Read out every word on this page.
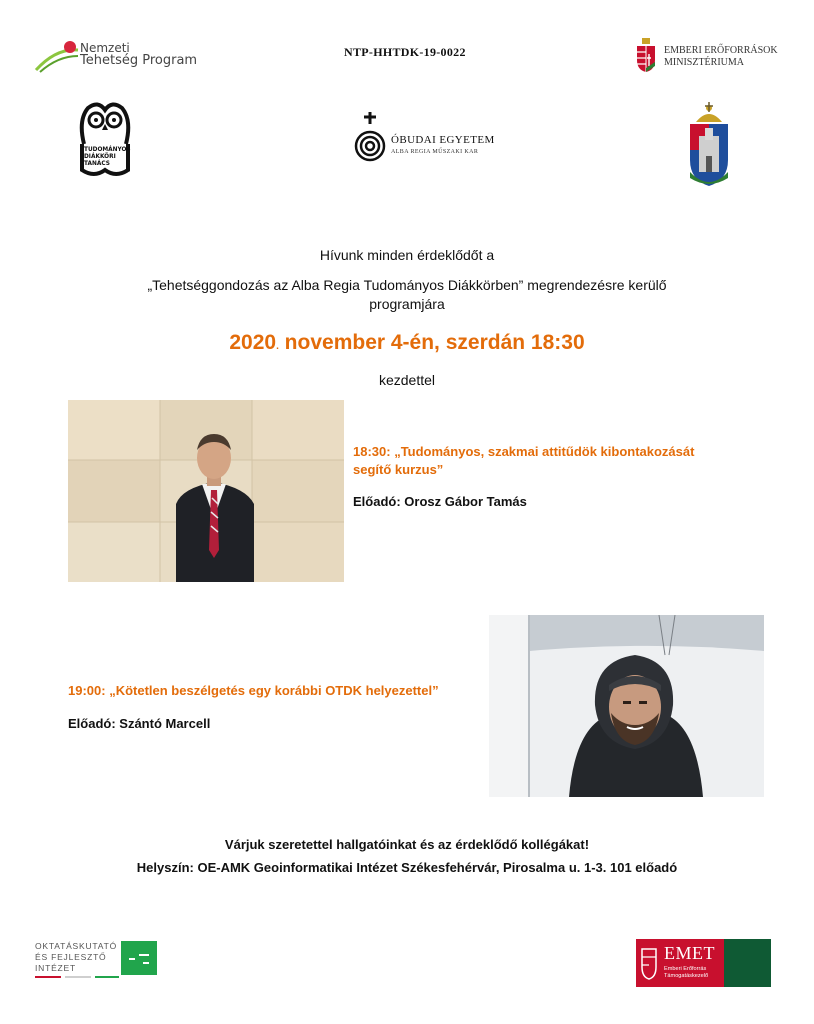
Nemzeti
Tehetség Program
NTP-HHTDK-19-0022	EMBERI ERŐFORRÁSOK
MINISZTÉRIUMA
TUDOMÁNYOS
DIÁKKÖRI
TANÁCS
ÓBUDAI EGYETEM
ALBA REGIA MŰSZAKI KAR
Hívunk minden érdeklődőt a
„Tehetséggondozás az Alba Regia Tudományos Diákkörben” megrendezésre kerülő
programjára
2020. november 4-én, szerdán 18:30
kezdettel
18:30: „Tudományos, szakmai attitűdök kibontakozását
segítő kurzus”
Előadó: Orosz Gábor Tamás
19:00: „Kötetlen beszélgetés egy korábbi OTDK helyezettel”
Előadó: Szántó Marcell
Várjuk szeretettel hallgatóinkat és az érdeklődő kollégákat!
Helyszín: OE-AMK Geoinformatikai Intézet Székesfehérvár, Pirosalma u. 1-3. 101 előadó
OKTATÁSKUTATÓ
ÉS FEJLESZTŐ
INTÉZET
EMET
Emberi Erőforrás
Támogatáskezelő
